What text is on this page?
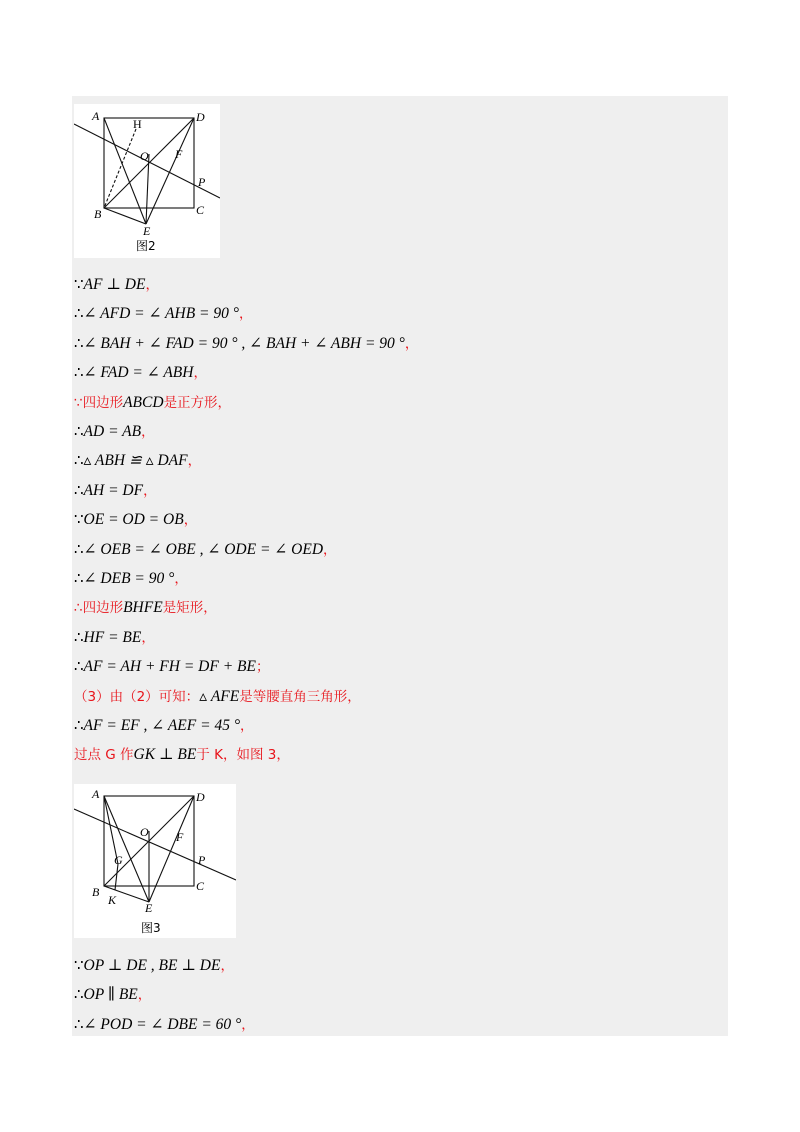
A
H	D
O F
P
B	C
E
图2
∵AF ⊥ DE，
∴∠ AFD = ∠ AHB = 90 °，
∴∠ BAH + ∠ FAD = 90 ° , ∠ BAH + ∠ ABH = 90 °，
∴∠ FAD = ∠ ABH，
∵四边形ABCD是正方形，
∴AD = AB，
∴▵ ABH ≌ ▵ DAF，
∴AH = DF，
∵OE = OD = OB，
∴∠ OEB = ∠ OBE , ∠ ODE = ∠ OED，
∴∠ DEB = 90 °，
∴四边形BHFE是矩形，
∴HF = BE，
∴AF = AH + FH = DF + BE；
（3）由（2）可知：▵ AFE是等腰直角三角形，
∴AF = EF , ∠ AEF = 45 °，
过点 G 作GK ⊥ BE于 K，如图 3，
A	D
O F
G	P
B	C
K
E
图3
∵OP ⊥ DE , BE ⊥ DE，
∴OP ∥ BE，
∴∠ POD = ∠ DBE = 60 °，
